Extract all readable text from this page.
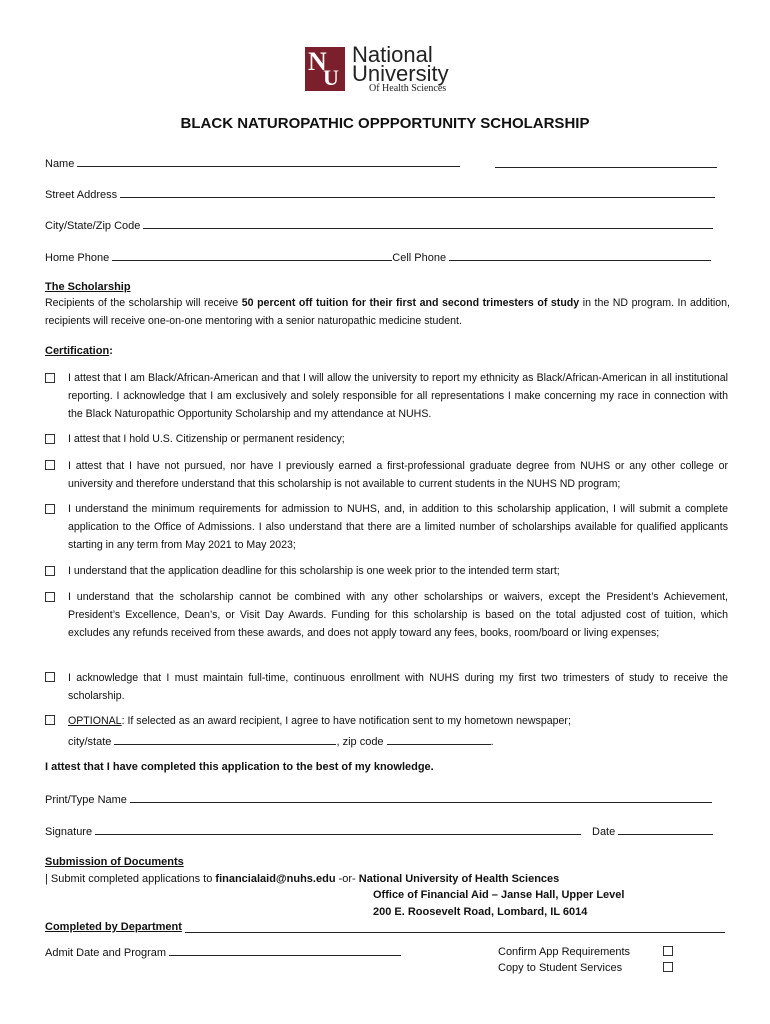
N
U
National
University
Of Health Sciences
BLACK NATUROPATHIC OPPPORTUNITY SCHOLARSHIP
Name
Street Address
City/State/Zip Code
Home Phone	Cell Phone
The Scholarship
Recipients of the scholarship will receive 50 percent off tuition for their first and second trimesters of study in the ND program. In addition, recipients will receive one-on-one mentoring with a senior naturopathic medicine student.
Certification:
I attest that I am Black/African-American and that I will allow the university to report my ethnicity as Black/African-American in all institutional reporting. I acknowledge that I am exclusively and solely responsible for all representations I make concerning my race in connection with the Black Naturopathic Opportunity Scholarship and my attendance at NUHS.
I attest that I hold U.S. Citizenship or permanent residency;
I attest that I have not pursued, nor have I previously earned a first-professional graduate degree from NUHS or any other college or university and therefore understand that this scholarship is not available to current students in the NUHS ND program;
I understand the minimum requirements for admission to NUHS, and, in addition to this scholarship application, I will submit a complete application to the Office of Admissions. I also understand that there are a limited number of scholarships available for qualified applicants starting in any term from May 2021 to May 2023;
I understand that the application deadline for this scholarship is one week prior to the intended term start;
I understand that the scholarship cannot be combined with any other scholarships or waivers, except the President’s Achievement, President’s Excellence, Dean’s, or Visit Day Awards. Funding for this scholarship is based on the total adjusted cost of tuition, which excludes any refunds received from these awards, and does not apply toward any fees, books, room/board or living expenses;
I acknowledge that I must maintain full-time, continuous enrollment with NUHS during my first two trimesters of study to receive the scholarship.
OPTIONAL: If selected as an award recipient, I agree to have notification sent to my hometown newspaper;
city/state	, zip code	.
I attest that I have completed this application to the best of my knowledge.
Print/Type Name
Signature	Date
Submission of Documents
| Submit completed applications to financialaid@nuhs.edu -or- National University of Health Sciences
Office of Financial Aid – Janse Hall, Upper Level
200 E. Roosevelt Road, Lombard, IL 6014
Completed by Department
Admit Date and Program	Confirm App Requirements
Copy to Student Services
